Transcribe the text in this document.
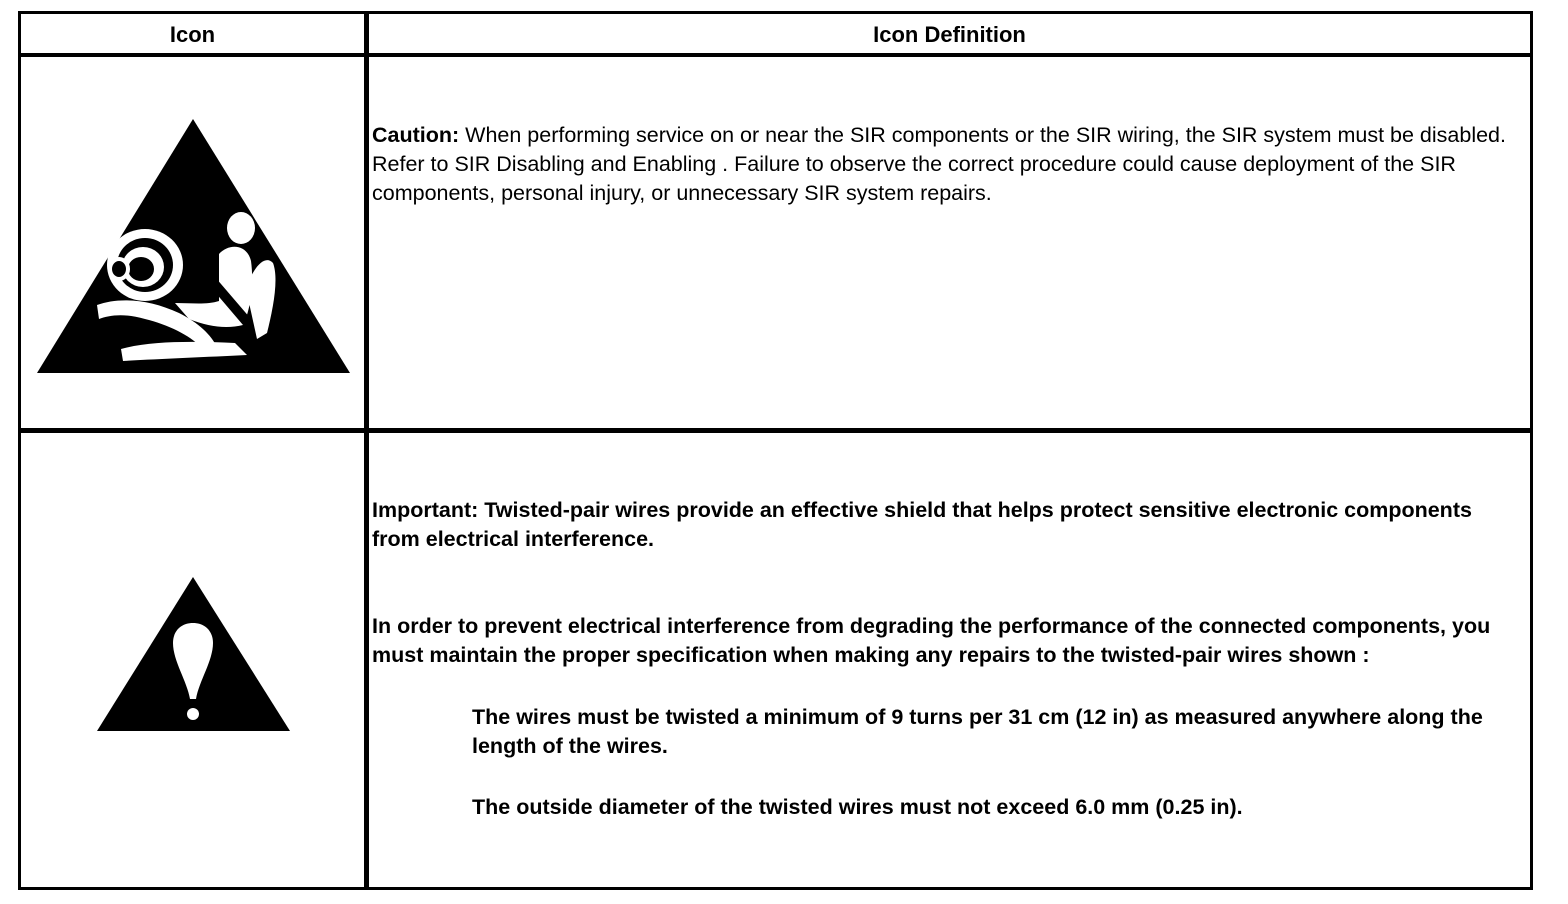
Icon	Icon Definition

Caution: When performing service on or near the SIR components or the SIR wiring, the SIR system must be disabled. Refer to SIR Disabling and Enabling . Failure to observe the correct procedure could cause deployment of the SIR components, personal injury, or unnecessary SIR system repairs.

Important: Twisted-pair wires provide an effective shield that helps protect sensitive electronic components from electrical interference.

In order to prevent electrical interference from degrading the performance of the connected components, you must maintain the proper specification when making any repairs to the twisted-pair wires shown :

The wires must be twisted a minimum of 9 turns per 31 cm (12 in) as measured anywhere along the length of the wires.

The outside diameter of the twisted wires must not exceed 6.0 mm (0.25 in).
